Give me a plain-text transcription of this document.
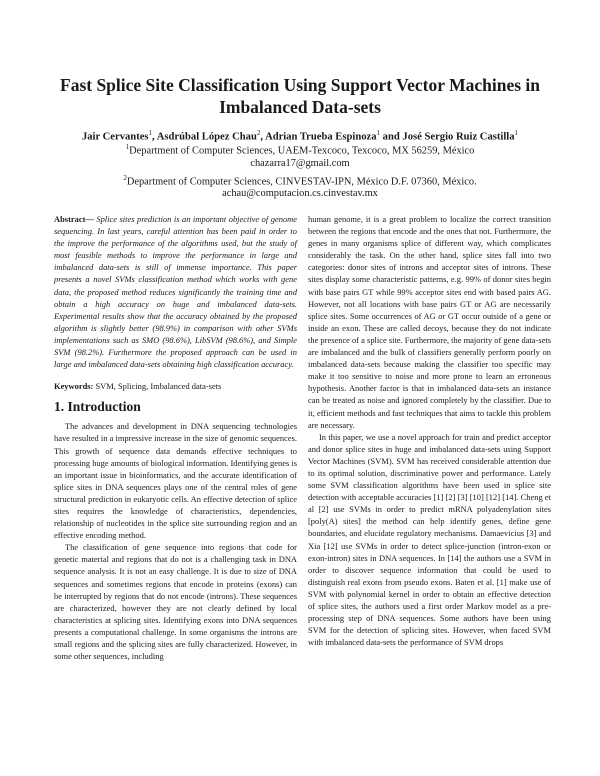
Fast Splice Site Classification Using Support Vector Machines in
Imbalanced Data-sets
Jair Cervantes$^1$, Asdrúbal López Chau$^2$, Adrian Trueba Espinoza$^1$ and José Sergio Ruiz Castilla$^1$
$^1$Department of Computer Sciences, UAEM-Texcoco, Texcoco, MX 56259, México
chazarra17@gmail.com
$^2$Department of Computer Sciences, CINVESTAV-IPN, México D.F. 07360, México.
achau@computacion.cs.cinvestav.mx

Abstract— Splice sites prediction is an important objective of genome sequencing. In last years, careful attention has been paid in order to the improve the performance of the algorithms used, but the study of most feasible methods to improve the performance in large and imbalanced data-sets is still of immense importance. This paper presents a novel SVMs classification method which works with gene data, the proposed method reduces significantly the training time and obtain a high accuracy on huge and imbalanced data-sets. Experimental results show that the accuracy obtained by the proposed algorithm is slightly better (98.9%) in comparison with other SVMs implementations such as SMO (98.6%), LibSVM (98.6%), and Simple SVM (98.2%). Furthermore the proposed approach can be used in large and imbalanced data-sets obtaining high classification accuracy.

Keywords: SVM, Splicing, Imbalanced data-sets

1. Introduction

The advances and development in DNA sequencing technologies have resulted in a impressive increase in the size of genomic sequences. This growth of sequence data demands effective techniques to processing huge amounts of biological information. Identifying genes is an important issue in bioinformatics, and the accurate identification of splice sites in DNA sequences plays one of the central roles of gene structural prediction in eukaryotic cells. An effective detection of splice sites requires the knowledge of characteristics, dependencies, relationship of nucleotides in the splice site surrounding region and an effective encoding method.

The classification of gene sequence into regions that code for genetic material and regions that do not is a challenging task in DNA sequence analysis. It is not an easy challenge. It is due to size of DNA sequences and sometimes regions that encode in proteins (exons) can be interrupted by regions that do not encode (introns). These sequences are characterized, however they are not clearly defined by local characteristics at splicing sites. Identifying exons into DNA sequences presents a computational challenge. In some organisms the introns are small regions and the splicing sites are fully characterized. However, in some other sequences, including

human genome, it is a great problem to localize the correct transition between the regions that encode and the ones that not. Furthermore, the genes in many organisms splice of different way, which complicates considerably the task. On the other hand, splice sites fall into two categories: donor sites of introns and acceptor sites of introns. These sites display some characteristic patterns, e.g. 99% of donor sites begin with base pairs GT while 99% acceptor sites end with based pairs AG. However, not all locations with base pairs GT or AG are necessarily splice sites. Some occurrences of AG or GT occur outside of a gene or inside an exon. These are called decoys, because they do not indicate the presence of a splice site. Furthermore, the majority of gene data-sets are imbalanced and the bulk of classifiers generally perform poorly on imbalanced data-sets because making the classifier too specific may make it too sensitive to noise and more prone to learn an erroneous hypothesis. Another factor is that in imbalanced data-sets an instance can be treated as noise and ignored completely by the classifier. Due to it, efficient methods and fast techniques that aims to tackle this problem are necessary.

In this paper, we use a novel approach for train and predict acceptor and donor splice sites in huge and imbalanced data-sets using Support Vector Machines (SVM). SVM has received considerable attention due to its optimal solution, discriminative power and performance. Lately some SVM classification algorithms have been used in splice site detection with acceptable accuracies [1] [2] [3] [10] [12] [14]. Cheng et al [2] use SVMs in order to predict mRNA polyadenylation sites [poly(A) sites] the method can help identify genes, define gene boundaries, and elucidate regulatory mechanisms. Damaevicius [3] and Xia [12] use SVMs in order to detect splice-junction (intron-exon or exon-intron) sites in DNA sequences. In [14] the authors use a SVM in order to discover sequence information that could be used to distinguish real exons from pseudo exons. Baten et al. [1] make use of SVM with polynomial kernel in order to obtain an effective detection of splice sites, the authors used a first order Markov model as a pre-processing step of DNA sequences. Some authors have been using SVM for the detection of splicing sites. However, when faced SVM with imbalanced data-sets the performance of SVM drops
